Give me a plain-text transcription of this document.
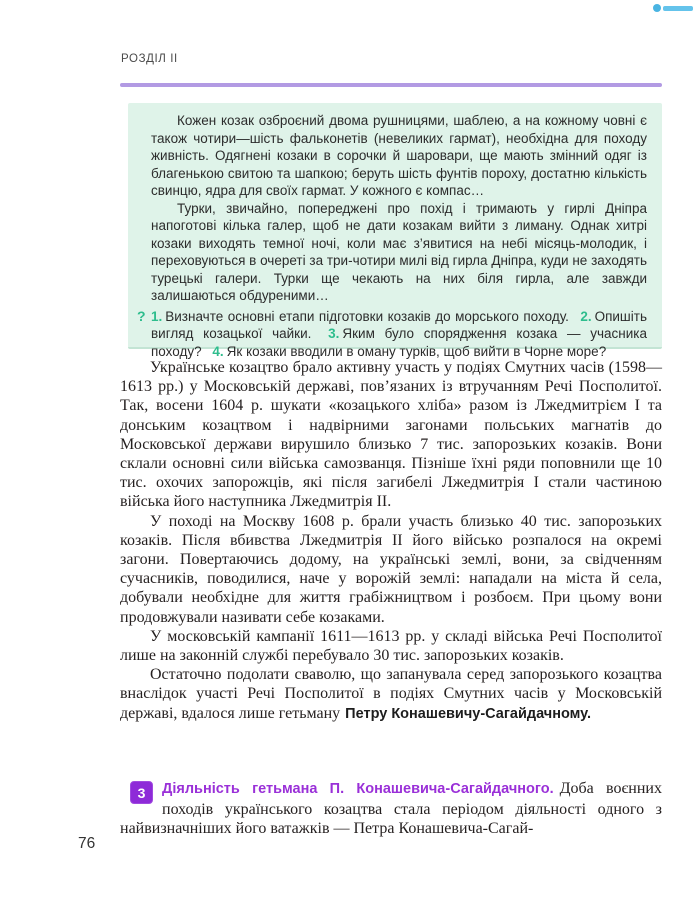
РОЗДІЛ II

Кожен козак озброєний двома рушницями, шаблею, а на кожному човні є також чотири—шість фальконетів (невеликих гармат), необхідна для походу живність. Одягнені козаки в сорочки й шаровари, ще мають змінний одяг із благенькою свитою та шапкою; беруть шість фунтів пороху, достатню кількість свинцю, ядра для своїх гармат. У кожного є компас…

Турки, звичайно, попереджені про похід і тримають у гирлі Дніпра напоготові кілька галер, щоб не дати козакам вийти з лиману. Однак хитрі козаки виходять темної ночі, коли має з’явитися на небі місяць-молодик, і переховуються в очереті за три-чотири милі від гирла Дніпра, куди не заходять турецькі галери. Турки ще чекають на них біля гирла, але завжди залишаються обдуреними…

? 1. Визначте основні етапи підготовки козаків до морського походу. 2. Опишіть вигляд козацької чайки. 3. Яким було спорядження козака — учасника походу? 4. Як козаки вводили в оману турків, щоб вийти в Чорне море?

Українське козацтво брало активну участь у подіях Смутних часів (1598—1613 рр.) у Московській державі, пов’язаних із втручанням Речі Посполитої. Так, восени 1604 р. шукати «козацького хліба» разом із Лжедмитрієм I та донським козацтвом і надвірними загонами польських магнатів до Московської держави вирушило близько 7 тис. запорозьких козаків. Вони склали основні сили війська самозванця. Пізніше їхні ряди поповнили ще 10 тис. охочих запорожців, які після загибелі Лжедмитрія I стали частиною війська його наступника Лжедмитрія II.

У поході на Москву 1608 р. брали участь близько 40 тис. запорозьких козаків. Після вбивства Лжедмитрія II його військо розпалося на окремі загони. Повертаючись додому, на українські землі, вони, за свідченням сучасників, поводилися, наче у ворожій землі: нападали на міста й села, добували необхідне для життя грабіжництвом і розбоєм. При цьому вони продовжували називати себе козаками.

У московській кампанії 1611—1613 рр. у складі війська Речі Посполитої лише на законній службі перебувало 30 тис. запорозьких козаків.

Остаточно подолати сваволю, що запанувала серед запорозького козацтва внаслідок участі Речі Посполитої в подіях Смутних часів у Московській державі, вдалося лише гетьману Петру Конашевичу-Сагайдачному.

3	Діяльність гетьмана П. Конашевича-Сагайдачного. Доба воєнних походів українського козацтва стала періодом діяльності одного з найвизначніших його ватажків — Петра Конашевича-Сагай-

76
